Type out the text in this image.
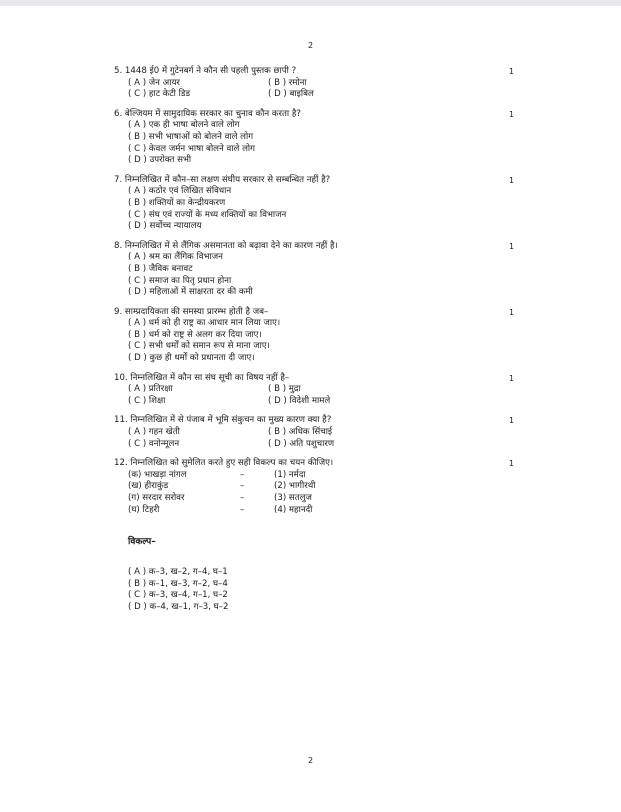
2
5. 1448 ई0 में गुटेनबर्ग ने कौन सी पहली पुस्तक छापी ?	1
( A ) जेन आयर	( B ) रमोना
( C ) हाट केटी डिड	( D ) बाइबिल
6. बेल्जियम में सामुदायिक सरकार का चुनाव कौन करता है?	1
( A ) एक ही भाषा बोलने वाले लोग
( B ) सभी भाषाओं को बोलने वाले लोग
( C ) केवल जर्मन भाषा बोलने वाले लोग
( D ) उपरोक्त सभी
7. निम्नलिखित में कौन–सा लक्षण संघीय सरकार से सम्बन्धित नहीं है?	1
( A ) कठोर एवं लिखित संविधान
( B ) शक्तियों का केन्द्रीयकरण
( C ) संघ एवं राज्यों के मध्य शक्तियों का विभाजन
( D ) सर्वोच्च न्यायालय
8. निम्नलिखित में से लैंगिक असमानता को बढ़ावा देने का कारण नहीं है।	1
( A ) श्रम का लैंगिक विभाजन
( B ) जैविक बनावट
( C ) समाज का पितृ प्रधान होना
( D ) महिलाओं में साक्षरता दर की कमी
9. साम्प्रदायिकता की समस्या प्रारम्भ होती है जब–	1
( A ) धर्म को ही राष्ट्र का आधार मान लिया जाए।
( B ) धर्म को राष्ट्र से अलग कर दिया जाए।
( C ) सभी धर्मों को समान रूप से माना जाए।
( D ) कुछ ही धर्मों को प्रधानता दी जाए।
10. निम्नलिखित में कौन सा संघ सूची का विषय नहीं है–	1
( A ) प्रतिरक्षा	( B ) मुद्रा
( C ) शिक्षा	( D ) विदेशी मामले
11. निम्नलिखित में से पंजाब में भूमि संकुचन का मुख्य कारण क्या है?	1
( A ) गहन खेती	( B ) अधिक सिंचाई
( C ) वनोन्मूलन	( D ) अति पशुचारण
12. निम्नलिखित को सुमेलित करते हुए सही विकल्प का चयन कीजिए।	1
(क) भाखड़ा नांगल	–	(1) नर्मदा
(ख) हीराकुंड	–	(2) भागीरथी
(ग) सरदार सरोवर	–	(3) सतलुज
(घ) टिहरी	–	(4) महानदी
विकल्प–
( A ) क–3, ख–2, ग–4, घ–1
( B ) क–1, ख–3, ग–2, घ–4
( C ) क–3, ख–4, ग–1, घ–2
( D ) क–4, ख–1, ग–3, घ–2
2
